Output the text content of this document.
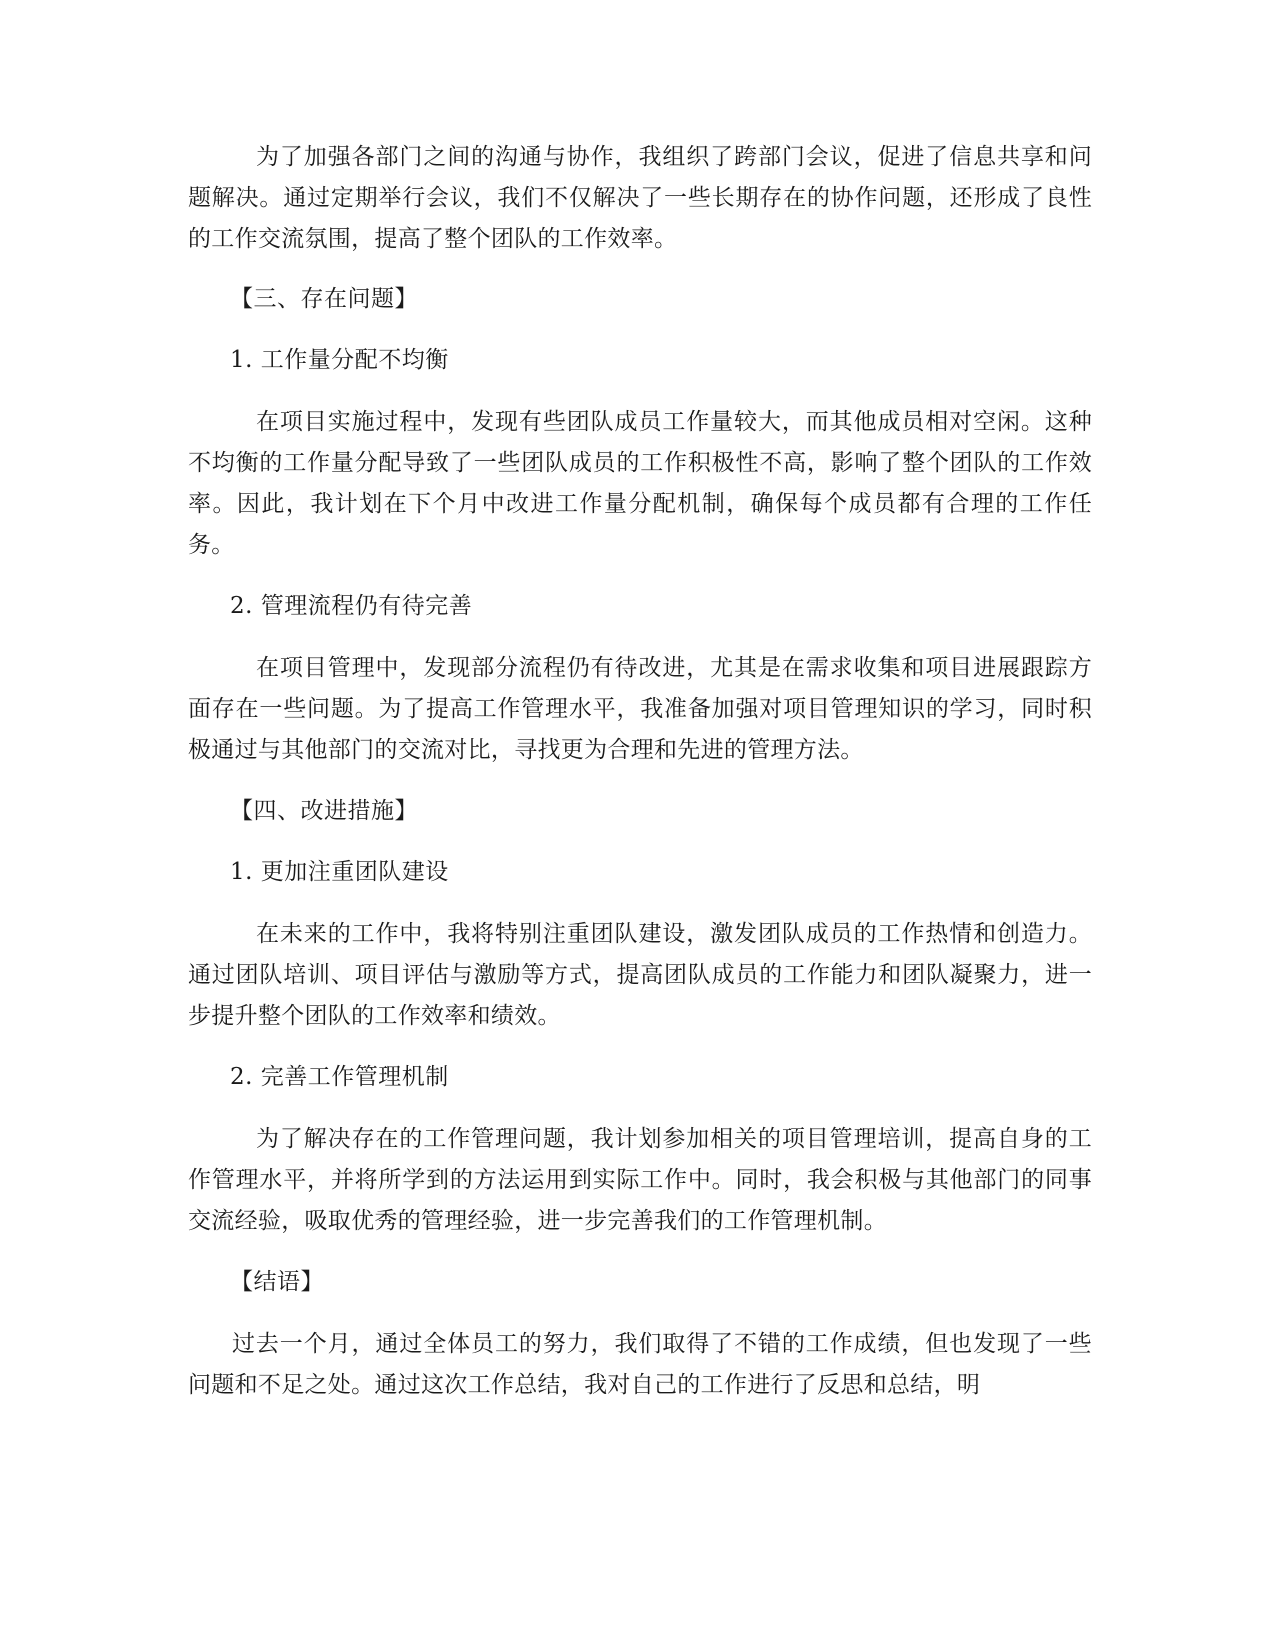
为了加强各部门之间的沟通与协作，我组织了跨部门会议，促进了信息共享和问题解决。通过定期举行会议，我们不仅解决了一些长期存在的协作问题，还形成了良性的工作交流氛围，提高了整个团队的工作效率。

【三、存在问题】

1. 工作量分配不均衡

在项目实施过程中，发现有些团队成员工作量较大，而其他成员相对空闲。这种不均衡的工作量分配导致了一些团队成员的工作积极性不高，影响了整个团队的工作效率。因此，我计划在下个月中改进工作量分配机制，确保每个成员都有合理的工作任务。

2. 管理流程仍有待完善

在项目管理中，发现部分流程仍有待改进，尤其是在需求收集和项目进展跟踪方面存在一些问题。为了提高工作管理水平，我准备加强对项目管理知识的学习，同时积极通过与其他部门的交流对比，寻找更为合理和先进的管理方法。

【四、改进措施】

1. 更加注重团队建设

在未来的工作中，我将特别注重团队建设，激发团队成员的工作热情和创造力。通过团队培训、项目评估与激励等方式，提高团队成员的工作能力和团队凝聚力，进一步提升整个团队的工作效率和绩效。

2. 完善工作管理机制

为了解决存在的工作管理问题，我计划参加相关的项目管理培训，提高自身的工作管理水平，并将所学到的方法运用到实际工作中。同时，我会积极与其他部门的同事交流经验，吸取优秀的管理经验，进一步完善我们的工作管理机制。

【结语】

过去一个月，通过全体员工的努力，我们取得了不错的工作成绩，但也发现了一些问题和不足之处。通过这次工作总结，我对自己的工作进行了反思和总结，明
